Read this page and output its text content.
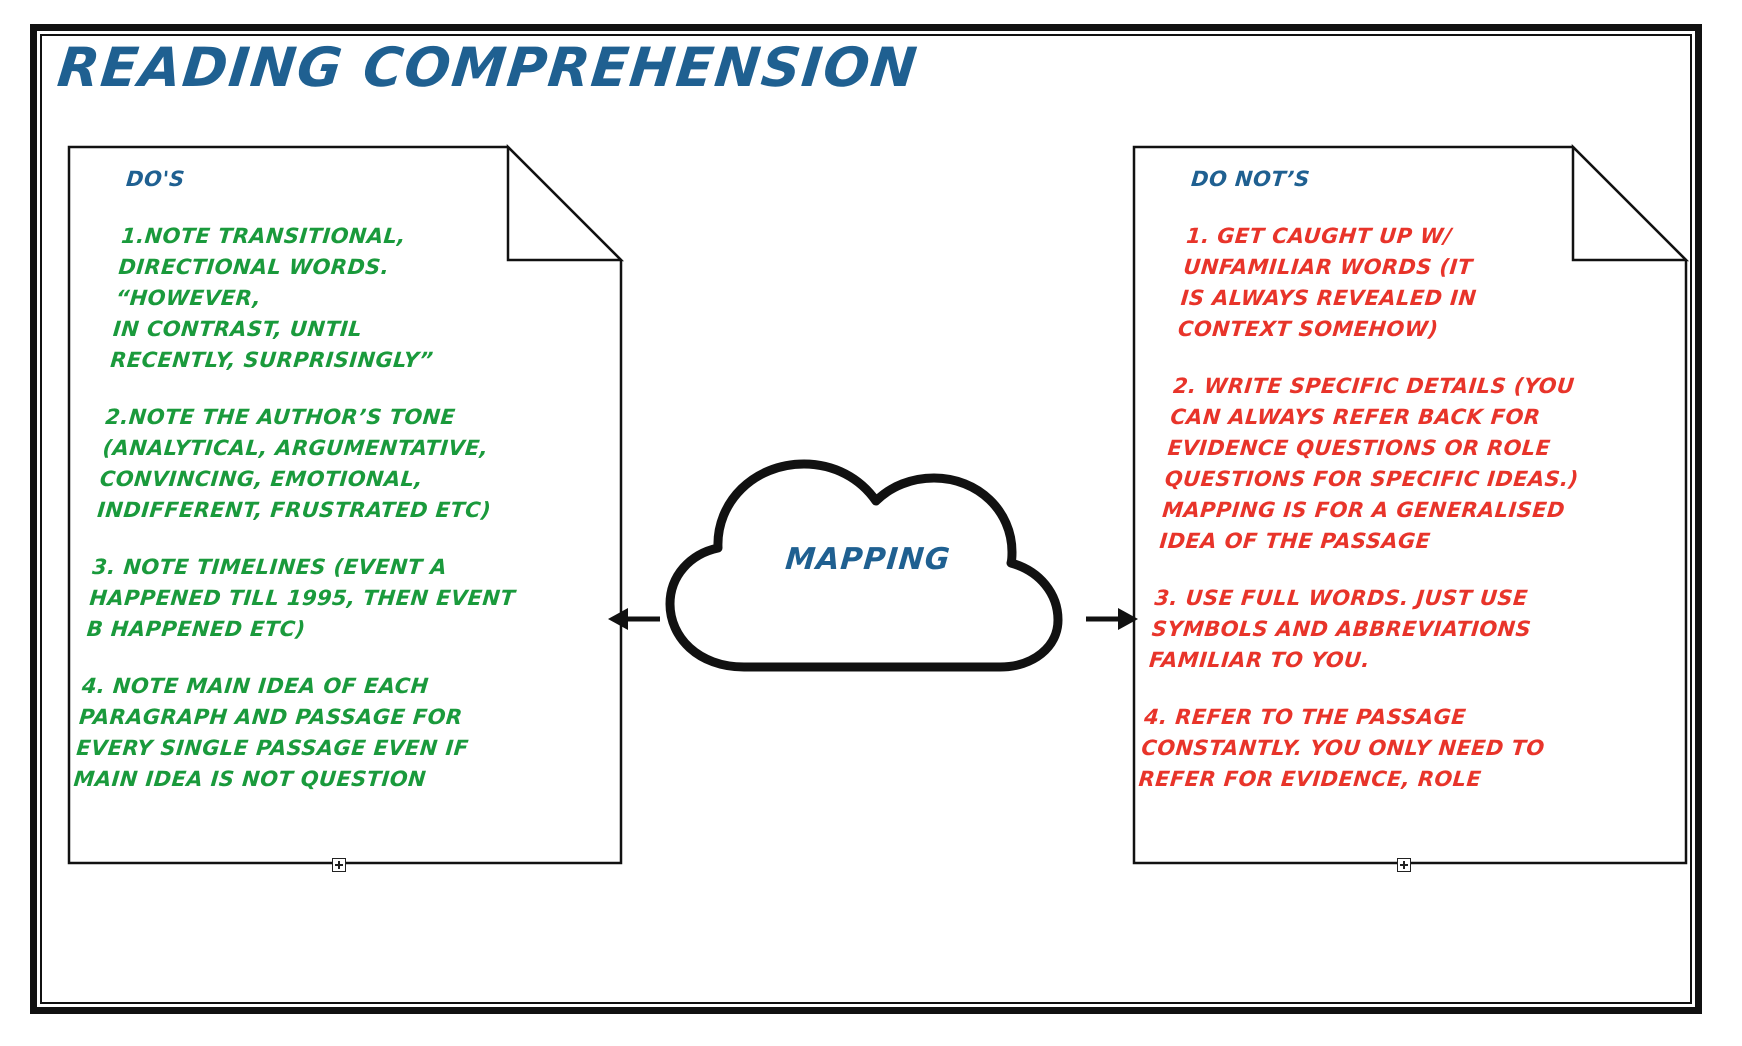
READING COMPREHENSION
DO'S
1.NOTE TRANSITIONAL,
DIRECTIONAL WORDS.
“HOWEVER,
IN CONTRAST, UNTIL
RECENTLY, SURPRISINGLY”
2.NOTE THE AUTHOR’S TONE
(ANALYTICAL, ARGUMENTATIVE,
CONVINCING, EMOTIONAL,
INDIFFERENT, FRUSTRATED ETC)
3. NOTE TIMELINES (EVENT A
HAPPENED TILL 1995, THEN EVENT
B HAPPENED ETC)
4. NOTE MAIN IDEA OF EACH
PARAGRAPH AND PASSAGE FOR
EVERY SINGLE PASSAGE EVEN IF
MAIN IDEA IS NOT QUESTION
DO NOT’S
1. GET CAUGHT UP W/
UNFAMILIAR WORDS (IT
IS ALWAYS REVEALED IN
CONTEXT SOMEHOW)
2. WRITE SPECIFIC DETAILS (YOU
CAN ALWAYS REFER BACK FOR
EVIDENCE QUESTIONS OR ROLE
QUESTIONS FOR SPECIFIC IDEAS.)
MAPPING IS FOR A GENERALISED
IDEA OF THE PASSAGE
3. USE FULL WORDS. JUST USE
SYMBOLS AND ABBREVIATIONS
FAMILIAR TO YOU.
4. REFER TO THE PASSAGE
CONSTANTLY. YOU ONLY NEED TO
REFER FOR EVIDENCE, ROLE
MAPPING
